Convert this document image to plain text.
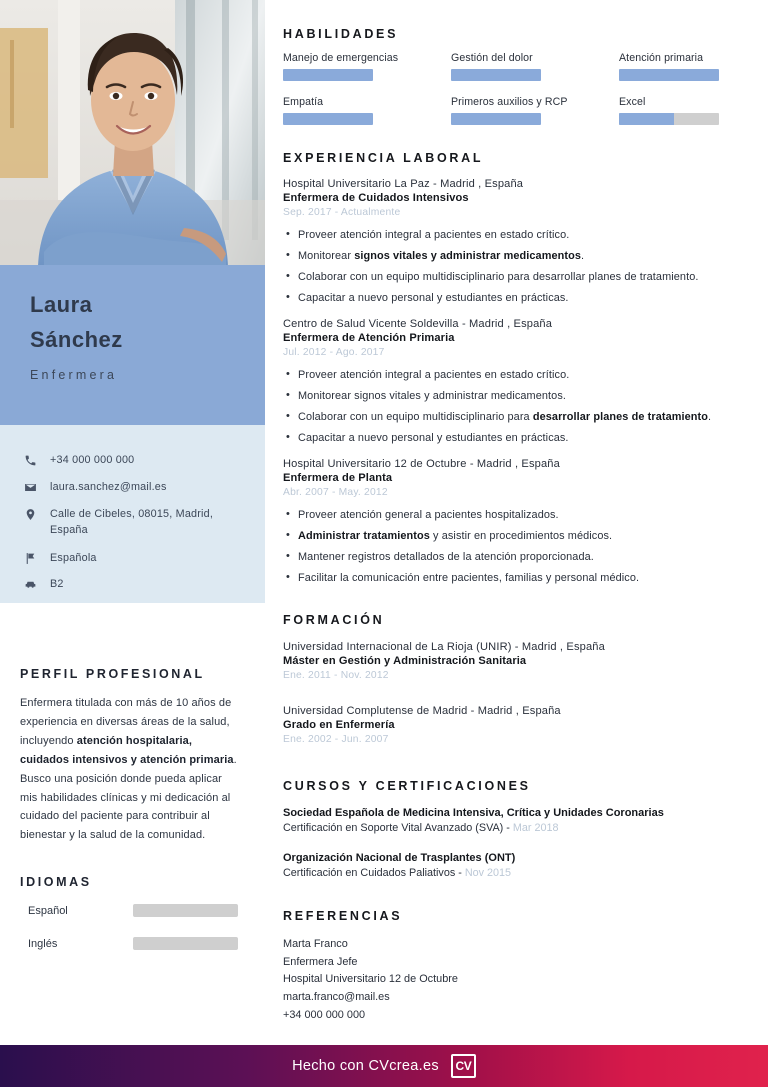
Laura
Sánchez
Enfermera
+34 000 000 000
laura.sanchez@mail.es
Calle de Cibeles, 08015, Madrid, España
Española
B2
PERFIL PROFESIONAL
Enfermera titulada con más de 10 años de experiencia en diversas áreas de la salud, incluyendo atención hospitalaria, cuidados intensivos y atención primaria. Busco una posición donde pueda aplicar mis habilidades clínicas y mi dedicación al cuidado del paciente para contribuir al bienestar y la salud de la comunidad.
IDIOMAS
Español
Inglés
HABILIDADES
Manejo de emergencias	Gestión del dolor	Atención primaria
Empatía	Primeros auxilios y RCP	Excel
EXPERIENCIA LABORAL
Hospital Universitario La Paz - Madrid , España
Enfermera de Cuidados Intensivos
Sep. 2017 - Actualmente
• Proveer atención integral a pacientes en estado crítico.
• Monitorear signos vitales y administrar medicamentos.
• Colaborar con un equipo multidisciplinario para desarrollar planes de tratamiento.
• Capacitar a nuevo personal y estudiantes en prácticas.
Centro de Salud Vicente Soldevilla - Madrid , España
Enfermera de Atención Primaria
Jul. 2012 - Ago. 2017
• Proveer atención integral a pacientes en estado crítico.
• Monitorear signos vitales y administrar medicamentos.
• Colaborar con un equipo multidisciplinario para desarrollar planes de tratamiento.
• Capacitar a nuevo personal y estudiantes en prácticas.
Hospital Universitario 12 de Octubre - Madrid , España
Enfermera de Planta
Abr. 2007 - May. 2012
• Proveer atención general a pacientes hospitalizados.
• Administrar tratamientos y asistir en procedimientos médicos.
• Mantener registros detallados de la atención proporcionada.
• Facilitar la comunicación entre pacientes, familias y personal médico.
FORMACIÓN
Universidad Internacional de La Rioja (UNIR) - Madrid , España
Máster en Gestión y Administración Sanitaria
Ene. 2011 - Nov. 2012
Universidad Complutense de Madrid - Madrid , España
Grado en Enfermería
Ene. 2002 - Jun. 2007
CURSOS Y CERTIFICACIONES
Sociedad Española de Medicina Intensiva, Crítica y Unidades Coronarias
Certificación en Soporte Vital Avanzado (SVA) - Mar 2018
Organización Nacional de Trasplantes (ONT)
Certificación en Cuidados Paliativos - Nov 2015
REFERENCIAS
Marta Franco
Enfermera Jefe
Hospital Universitario 12 de Octubre
marta.franco@mail.es
+34 000 000 000
Hecho con CVcrea.es	CV
